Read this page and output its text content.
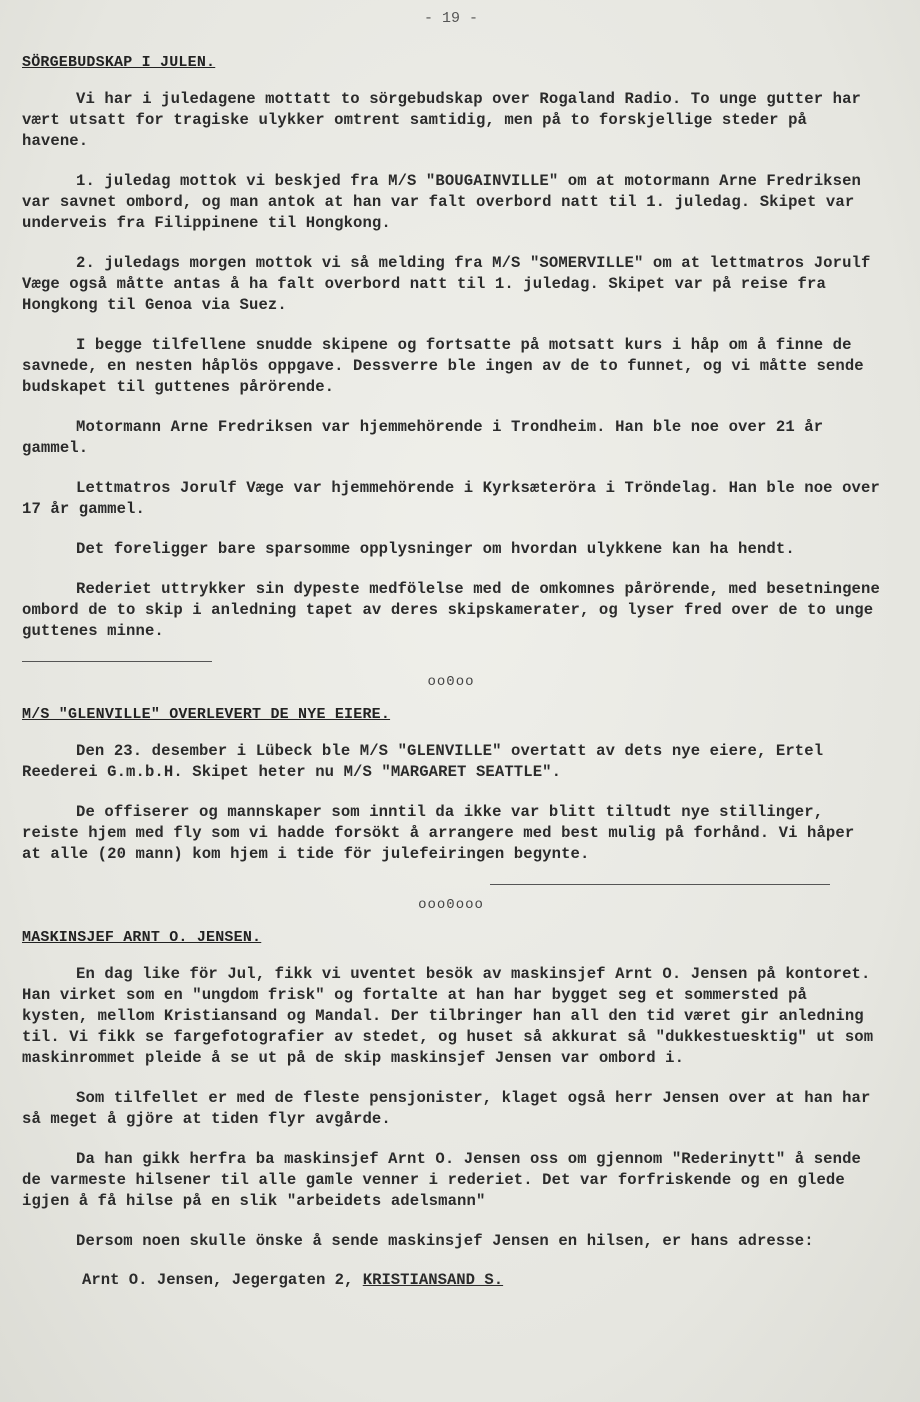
- 19 -
SÖRGEBUDSKAP I JULEN.

Vi har i juledagene mottatt to sörgebudskap over Rogaland Radio. To unge gutter har vært utsatt for tragiske ulykker omtrent samtidig, men på to forskjellige steder på havene.

1. juledag mottok vi beskjed fra M/S "BOUGAINVILLE" om at motormann Arne Fredriksen var savnet ombord, og man antok at han var falt overbord natt til 1. juledag. Skipet var underveis fra Filippinene til Hongkong.

2. juledags morgen mottok vi så melding fra M/S "SOMERVILLE" om at lettmatros Jorulf Væge også måtte antas å ha falt overbord natt til 1. juledag. Skipet var på reise fra Hongkong til Genoa via Suez.

I begge tilfellene snudde skipene og fortsatte på motsatt kurs i håp om å finne de savnede, en nesten håplös oppgave. Dessverre ble ingen av de to funnet, og vi måtte sende budskapet til guttenes pårörende.

Motormann Arne Fredriksen var hjemmehörende i Trondheim. Han ble noe over 21 år gammel.

Lettmatros Jorulf Væge var hjemmehörende i Kyrksæteröra i Tröndelag. Han ble noe over 17 år gammel.

Det foreligger bare sparsomme opplysninger om hvordan ulykkene kan ha hendt.

Rederiet uttrykker sin dypeste medfölelse med de omkomnes pårörende, med besetningene ombord de to skip i anledning tapet av deres skipskamerater, og lyser fred over de to unge guttenes minne.

oo0oo
M/S "GLENVILLE" OVERLEVERT DE NYE EIERE.

Den 23. desember i Lübeck ble M/S "GLENVILLE" overtatt av dets nye eiere, Ertel Reederei G.m.b.H. Skipet heter nu M/S "MARGARET SEATTLE".

De offiserer og mannskaper som inntil da ikke var blitt tiltudt nye stillinger, reiste hjem med fly som vi hadde forsökt å arrangere med best mulig på forhånd. Vi håper at alle (20 mann) kom hjem i tide för julefeiringen begynte.

ooo0ooo
MASKINSJEF ARNT O. JENSEN.

En dag like för Jul, fikk vi uventet besök av maskinsjef Arnt O. Jensen på kontoret. Han virket som en "ungdom frisk" og fortalte at han har bygget seg et sommersted på kysten, mellom Kristiansand og Mandal. Der tilbringer han all den tid været gir anledning til. Vi fikk se fargefotografier av stedet, og huset så akkurat så "dukkestuesktig" ut som maskinrommet pleide å se ut på de skip maskinsjef Jensen var ombord i.

Som tilfellet er med de fleste pensjonister, klaget også herr Jensen over at han har så meget å gjöre at tiden flyr avgårde.

Da han gikk herfra ba maskinsjef Arnt O. Jensen oss om gjennom "Rederinytt" å sende de varmeste hilsener til alle gamle venner i rederiet. Det var forfriskende og en glede igjen å få hilse på en slik "arbeidets adelsmann"

Dersom noen skulle önske å sende maskinsjef Jensen en hilsen, er hans adresse:

Arnt O. Jensen, Jegergaten 2, KRISTIANSAND S.
